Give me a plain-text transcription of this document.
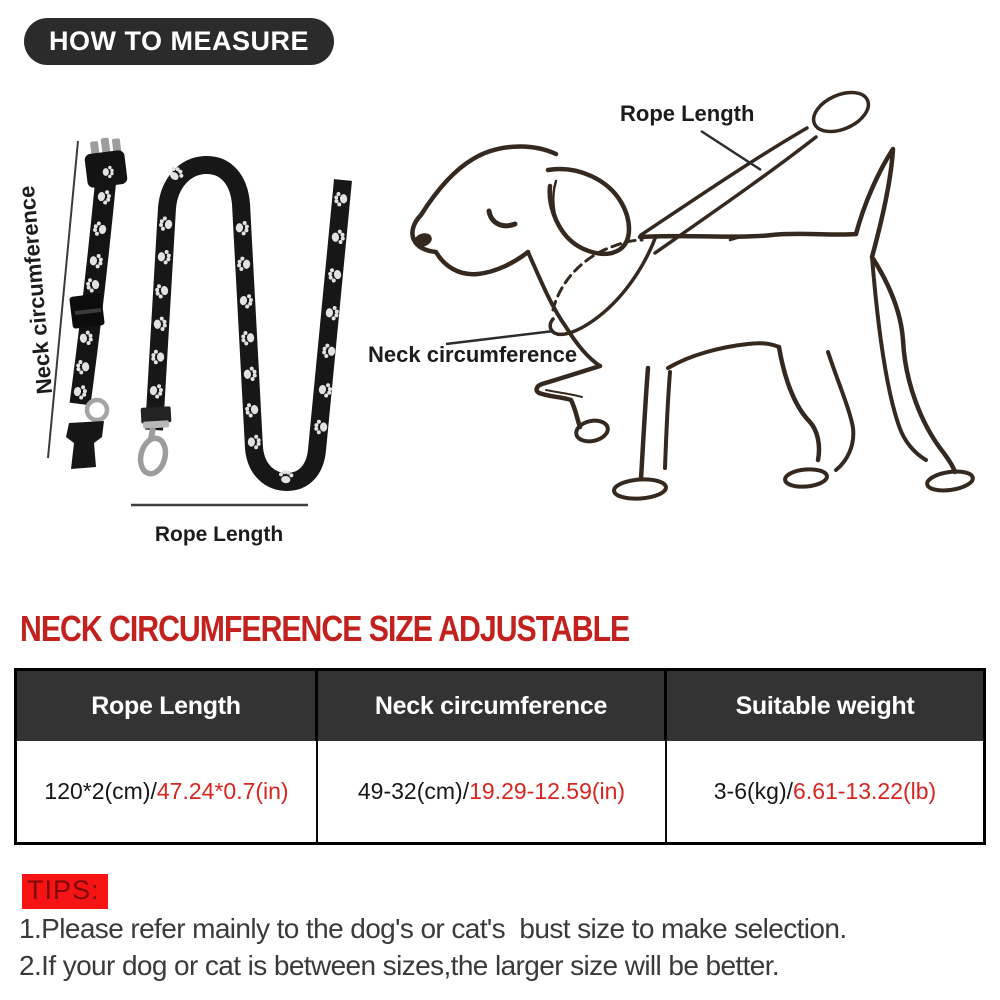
HOW TO MEASURE
Neck circumference
Rope Length
Rope Length
Neck circumference
NECK CIRCUMFERENCE SIZE ADJUSTABLE
Rope Length	Neck circumference	Suitable weight
120*2(cm)/ 47.24*0.7(in)	49-32(cm)/ 19.29-12.59(in)	3-6(kg)/ 6.61-13.22(lb)
TIPS:
1.Please refer mainly to the dog's or cat's  bust size to make selection.
2.If your dog or cat is between sizes,the larger size will be better.
